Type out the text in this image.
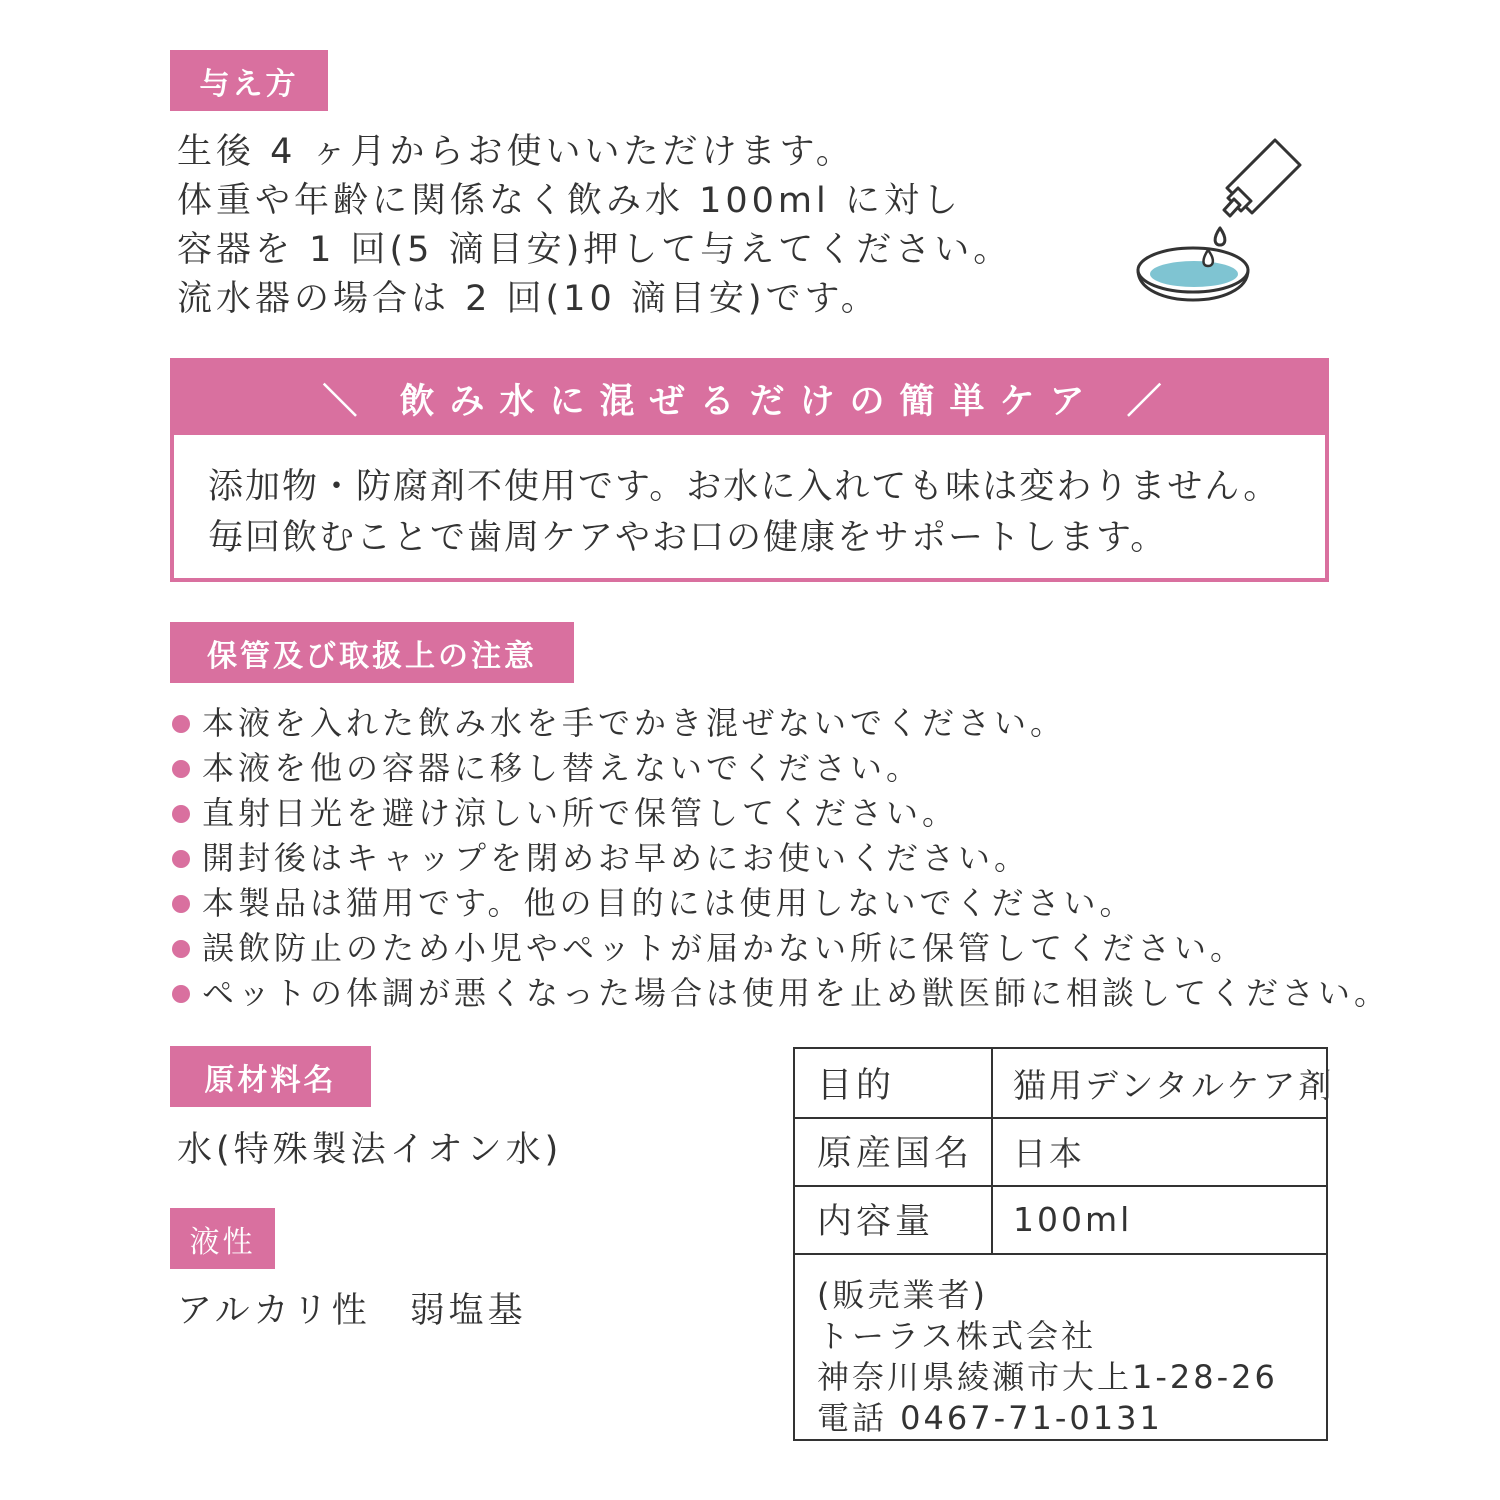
与え方
生後 4 ヶ月からお使いいただけます。
体重や年齢に関係なく飲み水 100ml に対し
容器を 1 回(5 滴目安)押して与えてください。
流水器の場合は 2 回(10 滴目安)です。
＼ 飲み水に混ぜるだけの簡単ケア ／
添加物・防腐剤不使用です。お水に入れても味は変わりません。
毎回飲むことで歯周ケアやお口の健康をサポートします。
保管及び取扱上の注意
本液を入れた飲み水を手でかき混ぜないでください。
本液を他の容器に移し替えないでください。
直射日光を避け涼しい所で保管してください。
開封後はキャップを閉めお早めにお使いください。
本製品は猫用です。他の目的には使用しないでください。
誤飲防止のため小児やペットが届かない所に保管してください。
ペットの体調が悪くなった場合は使用を止め獣医師に相談してください。
原材料名
水(特殊製法イオン水)
液性
アルカリ性　弱塩基
目的	猫用デンタルケア剤
原産国名	日本
内容量	100ml
(販売業者)
トーラス株式会社
神奈川県綾瀬市大上1-28-26
電話 0467-71-0131
